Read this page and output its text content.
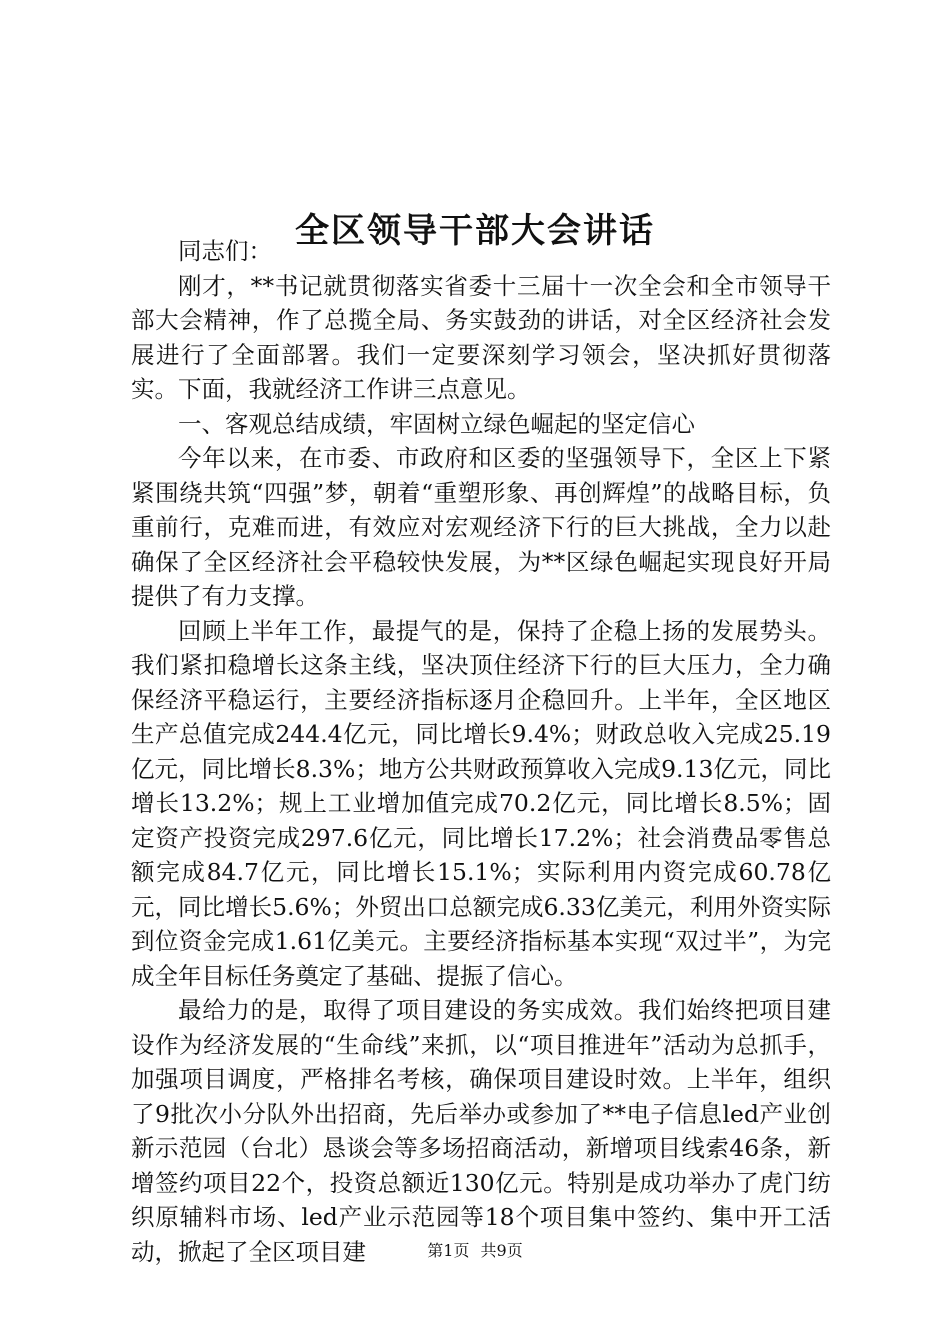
全区领导干部大会讲话

同志们：

刚才，**书记就贯彻落实省委十三届十一次全会和全市领导干部大会精神，作了总揽全局、务实鼓劲的讲话，对全区经济社会发展进行了全面部署。我们一定要深刻学习领会，坚决抓好贯彻落实。下面，我就经济工作讲三点意见。

一、客观总结成绩，牢固树立绿色崛起的坚定信心

今年以来，在市委、市政府和区委的坚强领导下，全区上下紧紧围绕共筑“四强”梦，朝着“重塑形象、再创辉煌”的战略目标，负重前行，克难而进，有效应对宏观经济下行的巨大挑战，全力以赴确保了全区经济社会平稳较快发展，为**区绿色崛起实现良好开局提供了有力支撑。

回顾上半年工作，最提气的是，保持了企稳上扬的发展势头。我们紧扣稳增长这条主线，坚决顶住经济下行的巨大压力，全力确保经济平稳运行，主要经济指标逐月企稳回升。上半年，全区地区生产总值完成244.4亿元，同比增长9.4%；财政总收入完成25.19亿元，同比增长8.3%；地方公共财政预算收入完成9.13亿元，同比增长13.2%；规上工业增加值完成70.2亿元，同比增长8.5%；固定资产投资完成297.6亿元，同比增长17.2%；社会消费品零售总额完成84.7亿元，同比增长15.1%；实际利用内资完成60.78亿元，同比增长5.6%；外贸出口总额完成6.33亿美元，利用外资实际到位资金完成1.61亿美元。主要经济指标基本实现“双过半”，为完成全年目标任务奠定了基础、提振了信心。

最给力的是，取得了项目建设的务实成效。我们始终把项目建设作为经济发展的“生命线”来抓，以“项目推进年”活动为总抓手，加强项目调度，严格排名考核，确保项目建设时效。上半年，组织了9批次小分队外出招商，先后举办或参加了**电子信息led产业创新示范园（台北）恳谈会等多场招商活动，新增项目线索46条，新增签约项目22个，投资总额近130亿元。特别是成功举办了虎门纺织原辅料市场、led产业示范园等18个项目集中签约、集中开工活动，掀起了全区项目建	第1页 共9页
